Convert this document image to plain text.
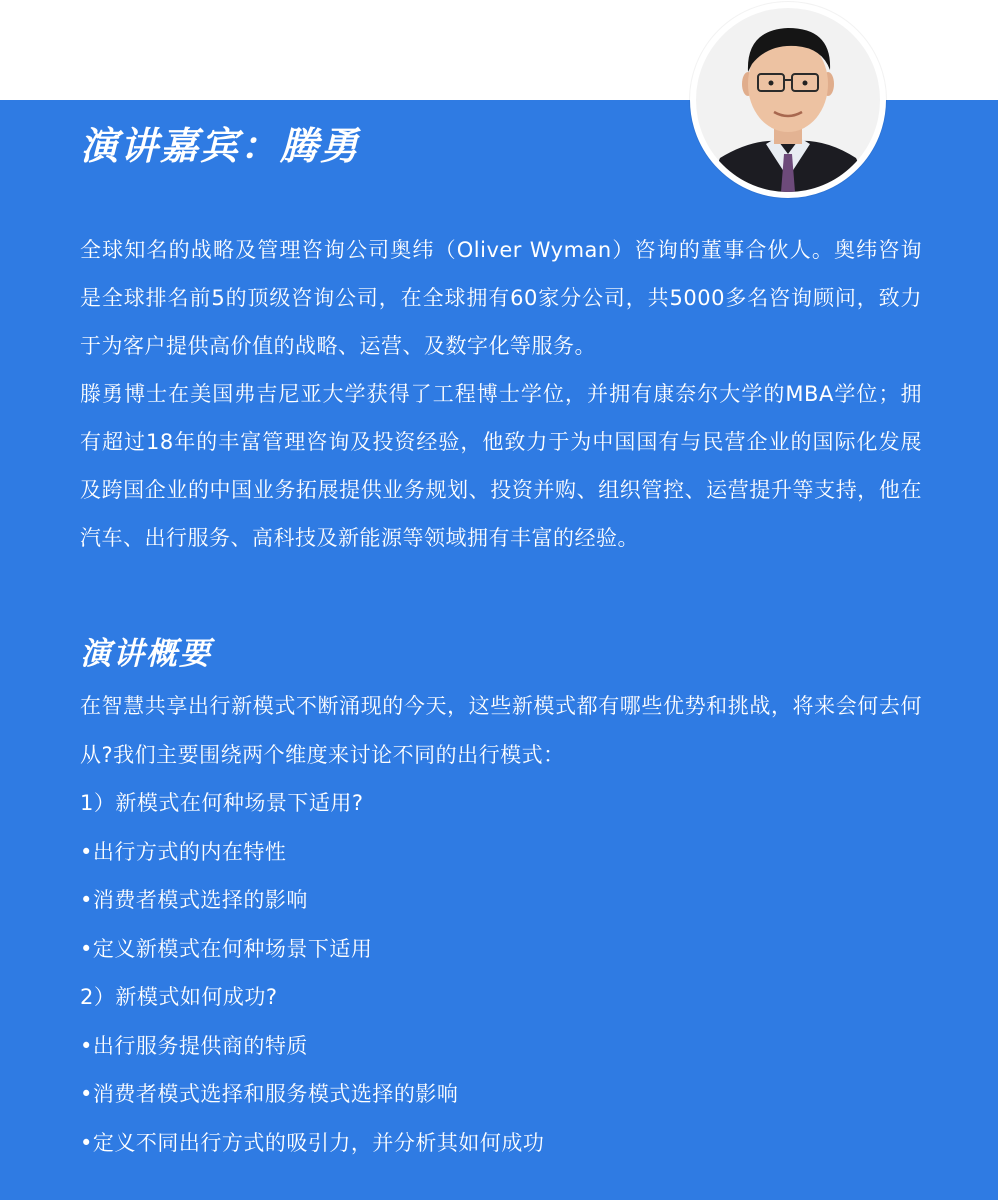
演讲嘉宾：腾勇

全球知名的战略及管理咨询公司奥纬（Oliver Wyman）咨询的董事合伙人。奥纬咨询是全球排名前5的顶级咨询公司，在全球拥有60家分公司，共5000多名咨询顾问，致力于为客户提供高价值的战略、运营、及数字化等服务。

滕勇博士在美国弗吉尼亚大学获得了工程博士学位，并拥有康奈尔大学的MBA学位；拥有超过18年的丰富管理咨询及投资经验，他致力于为中国国有与民营企业的国际化发展及跨国企业的中国业务拓展提供业务规划、投资并购、组织管控、运营提升等支持，他在汽车、出行服务、高科技及新能源等领域拥有丰富的经验。

演讲概要

在智慧共享出行新模式不断涌现的今天，这些新模式都有哪些优势和挑战，将来会何去何从?我们主要围绕两个维度来讨论不同的出行模式：

1）新模式在何种场景下适用?

•出行方式的内在特性

•消费者模式选择的影响

•定义新模式在何种场景下适用

2）新模式如何成功?

•出行服务提供商的特质

•消费者模式选择和服务模式选择的影响

•定义不同出行方式的吸引力，并分析其如何成功
